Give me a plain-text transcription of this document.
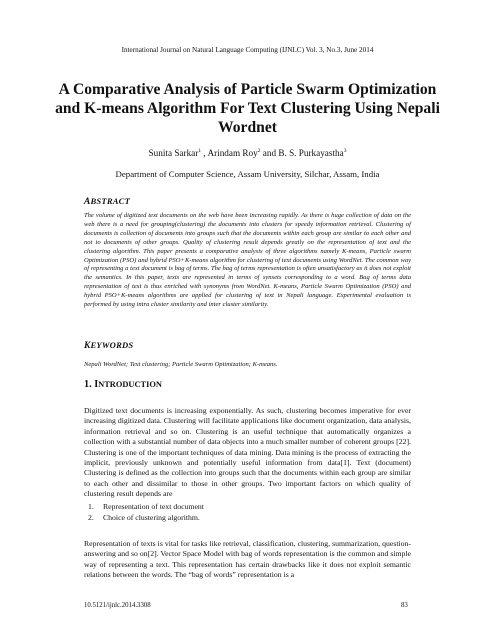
International Journal on Natural Language Computing (IJNLC) Vol. 3, No.3, June 2014
A Comparative Analysis of Particle Swarm Optimization and K-means Algorithm For Text Clustering Using Nepali Wordnet
Sunita Sarkar$^1$ , Arindam Roy$^2$ and B. S. Purkayastha$^3$
Department of Computer Science, Assam University, Silchar, Assam, India
ABSTRACT
The volume of digitized text documents on the web have been increasing rapidly. As there is huge collection of data on the web there is a need for grouping(clustering) the documents into clusters for speedy information retrieval. Clustering of documents is collection of documents into groups such that the documents within each group are similar to each other and not to documents of other groups. Quality of clustering result depends greatly on the representation of text and the clustering algorithm. This paper presents a comparative analysis of three algorithms namely K-means, Particle swarm Optimization (PSO) and hybrid PSO+K-means algorithm for clustering of text documents using WordNet. The common way of representing a text document is bag of terms. The bag of terms representation is often unsatisfactory as it does not exploit the semantics. In this paper, texts are represented in terms of synsets corresponding to a word. Bag of terms data representation of text is thus enriched with synonyms from WordNet. K-means, Particle Swarm Optimization (PSO) and hybrid PSO+K-means algorithms are applied for clustering of text in Nepali language. Experimental evaluation is performed by using intra cluster similarity and inter cluster similarity.
KEYWORDS
Nepali WordNet; Text clustering; Particle Swarm Optimization; K-means.
1. INTRODUCTION
Digitized text documents is increasing exponentially. As such, clustering becomes imperative for ever increasing digitized data. Clustering will facilitate applications like document organization, data analysis, information retrieval and so on. Clustering is an useful technique that automatically organizes a collection with a substantial number of data objects into a much smaller number of coherent groups [22]. Clustering is one of the important techniques of data mining. Data mining is the process of extracting the implicit, previously unknown and potentially useful information from data[1]. Text (document) Clustering is defined as the collection into groups such that the documents within each group are similar to each other and dissimilar to those in other groups. Two important factors on which quality of clustering result depends are
1.	Representation of text document
2.	Choice of clustering algorithm.
Representation of texts is vital for tasks like retrieval, classification, clustering, summarization, question-answering and so on[2]. Vector Space Model with bag of words representation is the common and simple way of representing a text. This representation has certain drawbacks like it does not exploit semantic relations between the words. The “bag of words” representation is a
10.5121/ijnlc.2014.3308	83
